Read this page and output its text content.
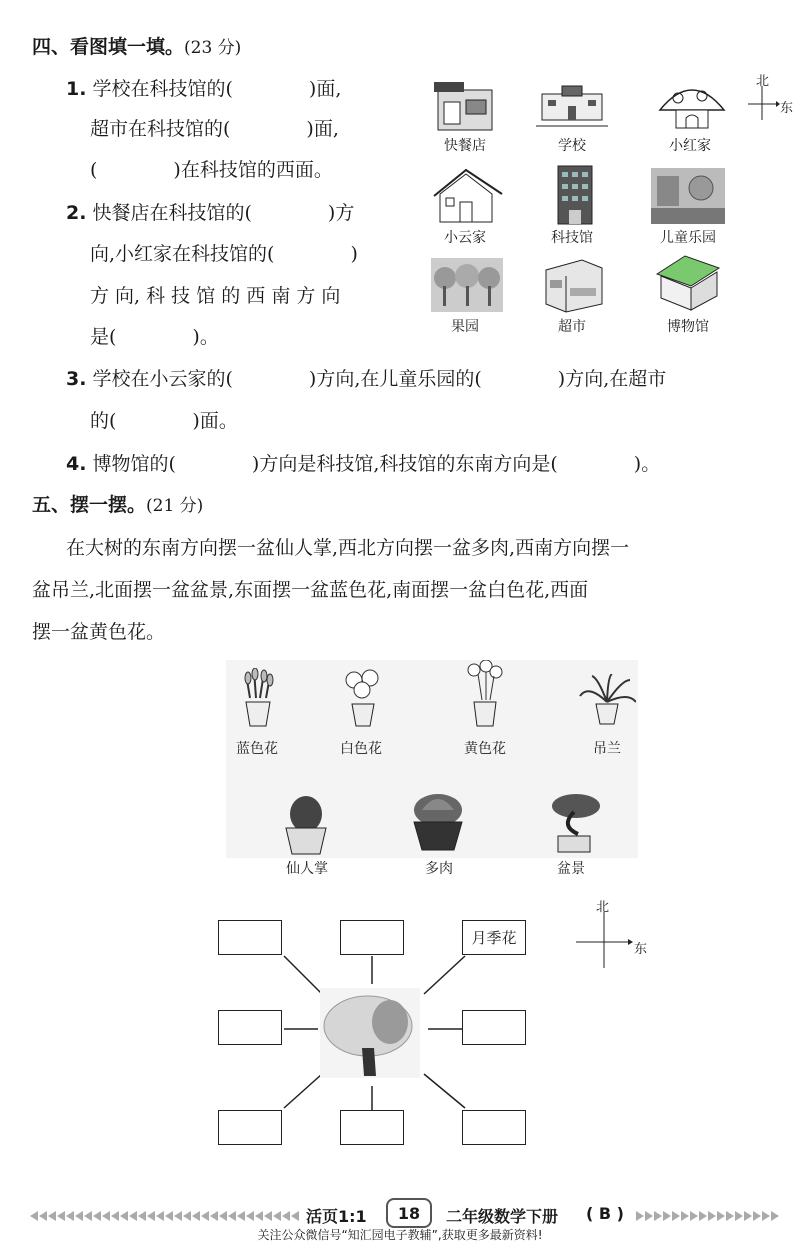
四、看图填一填。(23 分)
1. 学校在科技馆的(　　　　)面,
超市在科技馆的(　　　　)面,
(　　　　)在科技馆的西面。
2. 快餐店在科技馆的(　　　　)方
向,小红家在科技馆的(　　　　)
方 向, 科 技 馆 的 西 南 方 向
是(　　　　)。
3. 学校在小云家的(　　　　)方向,在儿童乐园的(　　　　)方向,在超市
的(　　　　)面。
4. 博物馆的(　　　　)方向是科技馆,科技馆的东南方向是(　　　　)。
快餐店	学校	小红家
北
东
小云家	科技馆	儿童乐园
果园	超市	博物馆
五、摆一摆。(21 分)
在大树的东南方向摆一盆仙人掌,西北方向摆一盆多肉,西南方向摆一
盆吊兰,北面摆一盆盆景,东面摆一盆蓝色花,南面摆一盆白色花,西面
摆一盆黄色花。
蓝色花	白色花	黄色花	吊兰
仙人掌	多肉	盆景
月季花
北
东
活页1:1 18 二年级数学下册 ( B )
关注公众微信号“知汇园电子教辅”,获取更多最新资料!
